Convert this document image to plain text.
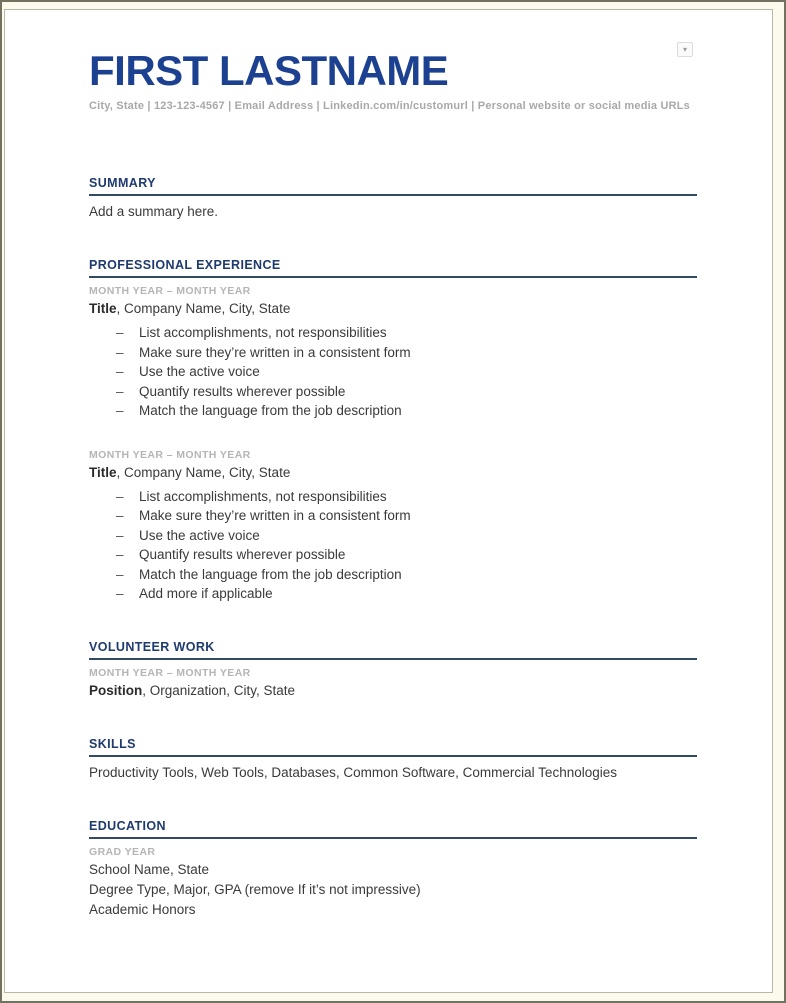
▾
FIRST LASTNAME
City, State | 123-123-4567 | Email Address | Linkedin.com/in/customurl | Personal website or social media URLs
SUMMARY
Add a summary here.
PROFESSIONAL EXPERIENCE
MONTH YEAR – MONTH YEAR
Title, Company Name, City, State
–	List accomplishments, not responsibilities
–	Make sure they’re written in a consistent form
–	Use the active voice
–	Quantify results wherever possible
–	Match the language from the job description
MONTH YEAR – MONTH YEAR
Title, Company Name, City, State
–	List accomplishments, not responsibilities
–	Make sure they’re written in a consistent form
–	Use the active voice
–	Quantify results wherever possible
–	Match the language from the job description
–	Add more if applicable
VOLUNTEER WORK
MONTH YEAR – MONTH YEAR
Position, Organization, City, State
SKILLS
Productivity Tools, Web Tools, Databases, Common Software, Commercial Technologies
EDUCATION
GRAD YEAR
School Name, State
Degree Type, Major, GPA (remove If it’s not impressive)
Academic Honors
